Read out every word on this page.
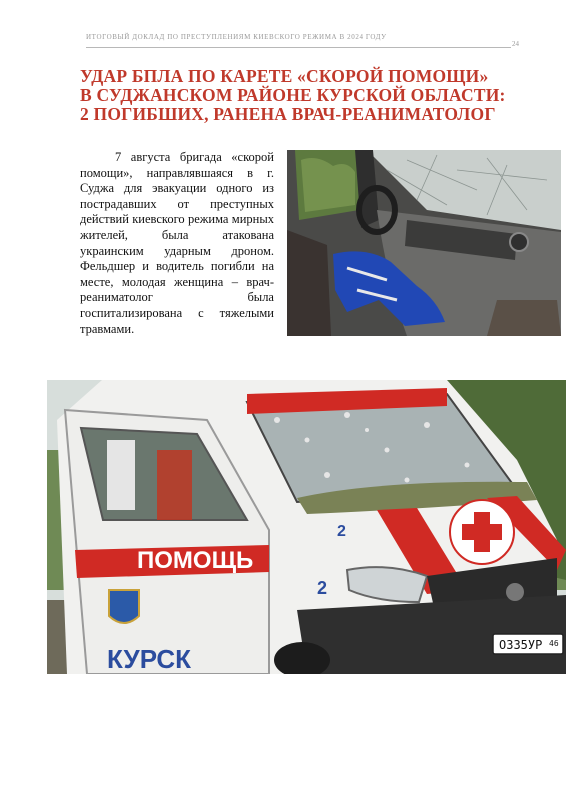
ИТОГОВЫЙ ДОКЛАД ПО ПРЕСТУПЛЕНИЯМ КИЕВСКОГО РЕЖИМА В 2024 ГОДУ
24
УДАР БПЛА ПО КАРЕТЕ «СКОРОЙ ПОМОЩИ»
В СУДЖАНСКОМ РАЙОНЕ КУРСКОЙ ОБЛАСТИ:
2 ПОГИБШИХ, РАНЕНА ВРАЧ-РЕАНИМАТОЛОГ

7 августа бригада «скорой помощи», направлявшаяся в г. Суджа для эвакуации одного из пострадавших от преступных действий киевского режима мирных жителей, была атакована украинским ударным дроном. Фельдшер и водитель погибли на месте, молодая женщина – врач-реаниматолог была госпитализирована с тяжелыми травмами.

ПОМОЩЬ
КУРСК
2
2
О335УР 46
